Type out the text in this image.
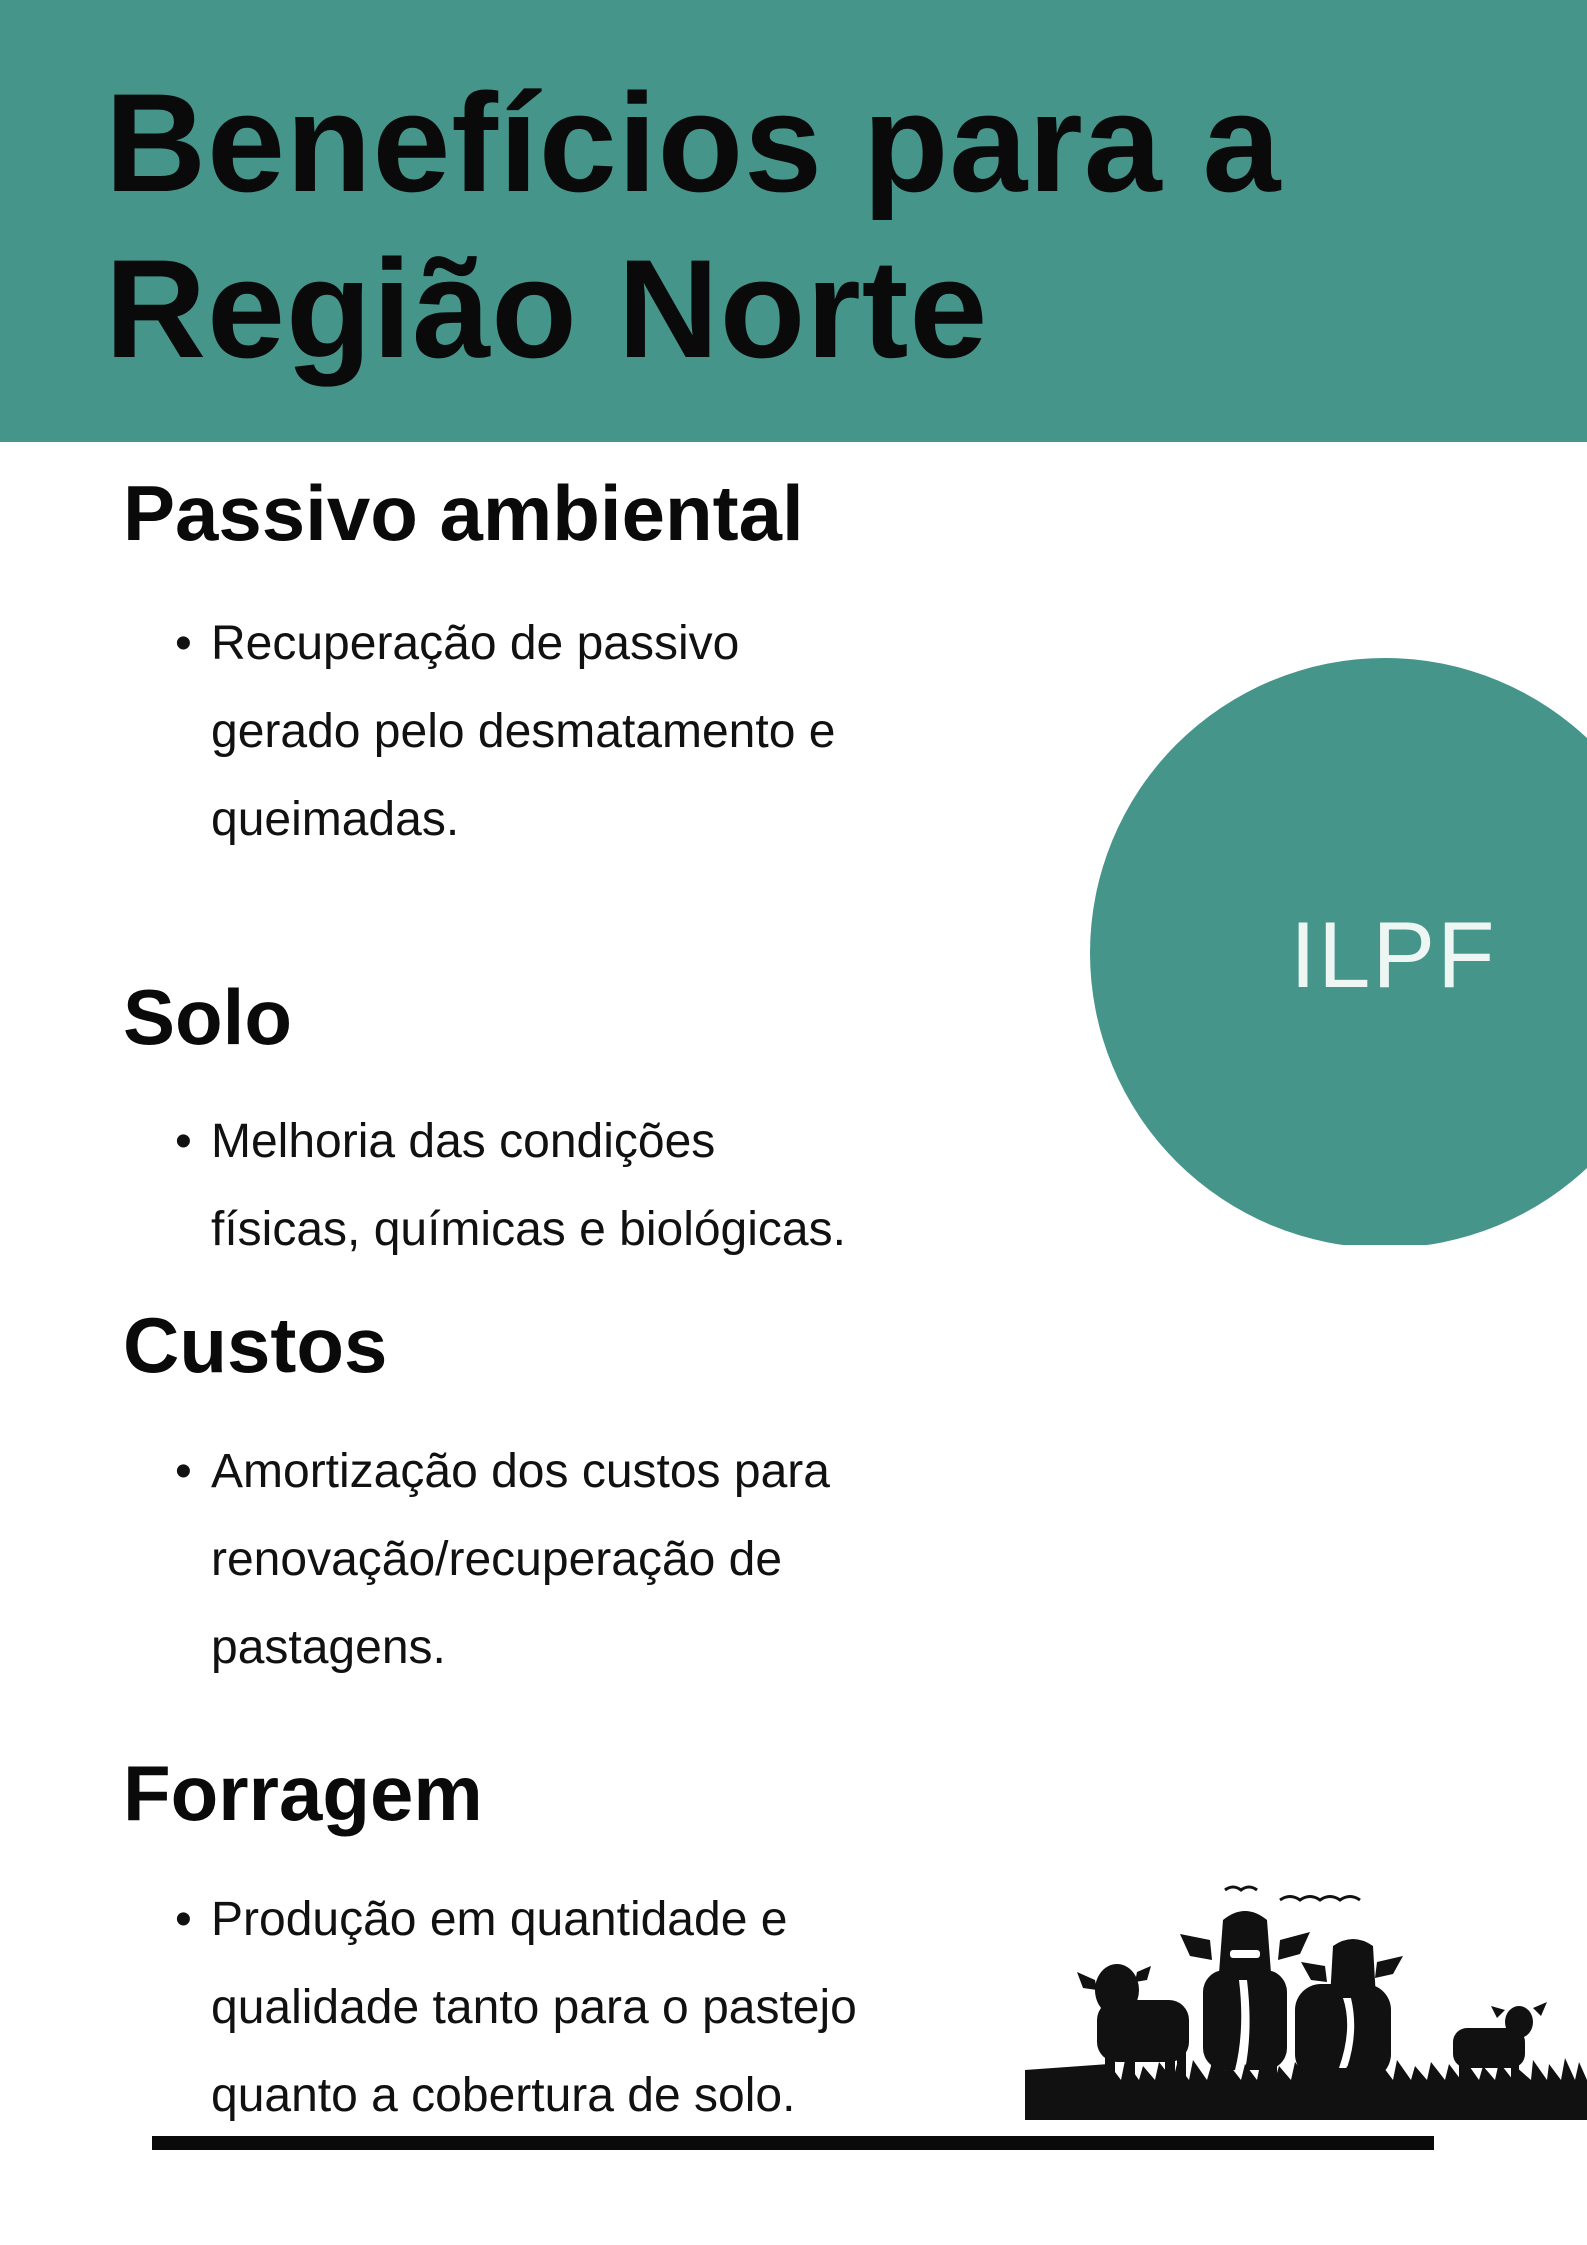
Benefícios para a
Região Norte
ILPF
Passivo ambiental
• Recuperação de passivo
gerado pelo desmatamento e
queimadas.
Solo
• Melhoria das condições
físicas, químicas e biológicas.
Custos
• Amortização dos custos para
renovação/recuperação de
pastagens.
Forragem
• Produção em quantidade e
qualidade tanto para o pastejo
quanto a cobertura de solo.
